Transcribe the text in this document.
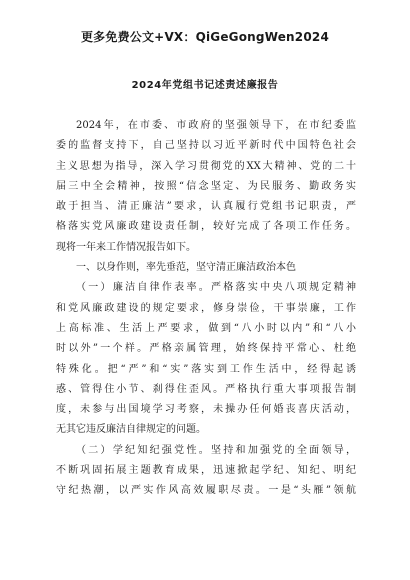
更多免费公文+VX：QiGeGongWen2024
2024年党组书记述责述廉报告
2024年，在市委、市政府的坚强领导下，在市纪委监
委的监督支持下，自己坚持以习近平新时代中国特色社会
主义思想为指导，深入学习贯彻党的XX大精神、党的二十
届三中全会精神，按照“信念坚定、为民服务、勤政务实
敢于担当、清正廉洁”要求，认真履行党组书记职责，严
格落实党风廉政建设责任制，较好完成了各项工作任务。
现将一年来工作情况报告如下。
一、以身作则，率先垂范，坚守清正廉洁政治本色
（一）廉洁自律作表率。严格落实中央八项规定精神
和党风廉政建设的规定要求，修身崇俭，干事崇廉，工作
上高标准、生活上严要求，做到“八小时以内”和“八小
时以外”一个样。严格亲属管理，始终保持平常心、杜绝
特殊化。把“严”和“实”落实到工作生活中，经得起诱
惑、管得住小节、刹得住歪风。严格执行重大事项报告制
度，未参与出国境学习考察，未操办任何婚丧喜庆活动，
无其它违反廉洁自律规定的问题。
（二）学纪知纪强党性。坚持和加强党的全面领导，
不断巩固拓展主题教育成果，迅速掀起学纪、知纪、明纪
守纪热潮，以严实作风高效履职尽责。一是“头雁”领航
